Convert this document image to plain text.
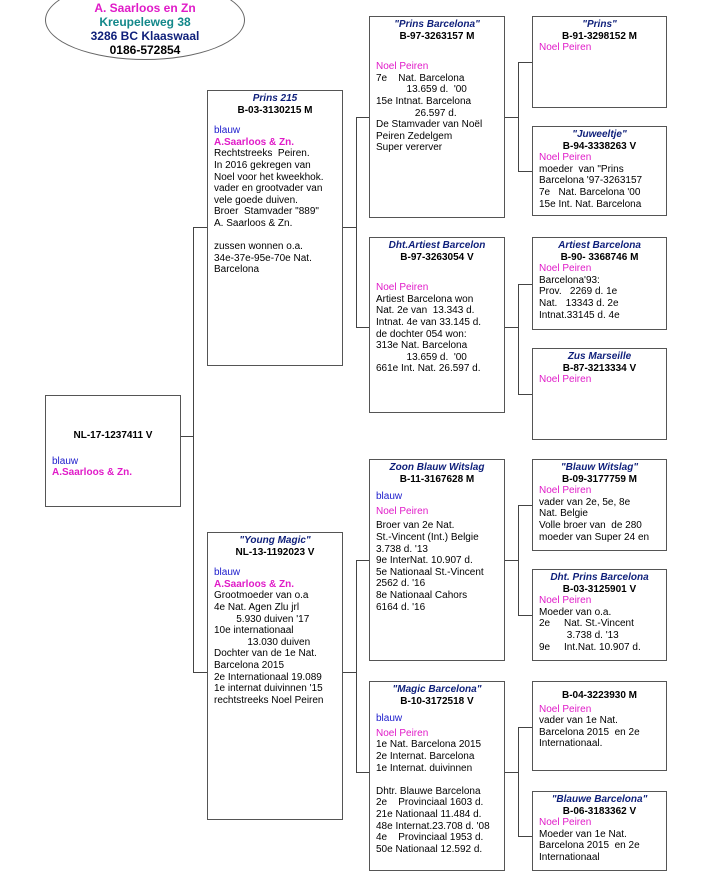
A. Saarloos en Zn
Kreupeleweg 38
3286 BC Klaaswaal
0186-572854
NL-17-1237411 V
blauw
A.Saarloos & Zn.
Prins 215
B-03-3130215 M
blauw
A.Saarloos & Zn.
Rechtstreeks  Peiren.
In 2016 gekregen van
Noel voor het kweekhok.
vader en grootvader van
vele goede duiven.
Broer  Stamvader "889"
A. Saarloos & Zn.

zussen wonnen o.a.
34e-37e-95e-70e Nat.
Barcelona
"Young Magic"
NL-13-1192023 V
blauw
A.Saarloos & Zn.
Grootmoeder van o.a
4e Nat. Agen Zlu jrl
5.930 duiven '17
10e internationaal
13.030 duiven
Dochter van de 1e Nat.
Barcelona 2015
2e Internationaal 19.089
1e internat duivinnen '15
rechtstreeks Noel Peiren
"Prins Barcelona"
B-97-3263157 M
Noel Peiren
7e    Nat. Barcelona
13.659 d.  '00
15e Intnat. Barcelona
26.597 d.
De Stamvader van Noël
Peiren Zedelgem
Super vererver
Dht.Artiest Barcelon
B-97-3263054 V
Noel Peiren
Artiest Barcelona won
Nat. 2e van  13.343 d.
Intnat. 4e van 33.145 d.
de dochter 054 won:
313e Nat. Barcelona
13.659 d.  '00
661e Int. Nat. 26.597 d.
Zoon Blauw Witslag
B-11-3167628 M
blauw
Noel Peiren
Broer van 2e Nat.
St.-Vincent (Int.) Belgie
3.738 d. '13
9e InterNat. 10.907 d.
5e Nationaal St.-Vincent
2562 d. '16
8e Nationaal Cahors
6164 d. '16
"Magic Barcelona"
B-10-3172518 V
blauw
Noel Peiren
1e Nat. Barcelona 2015
2e Internat. Barcelona
1e Internat. duivinnen

Dhtr. Blauwe Barcelona
2e    Provinciaal 1603 d.
21e Nationaal 11.484 d.
48e Internat.23.708 d. '08
4e    Provinciaal 1953 d.
50e Nationaal 12.592 d.
"Prins"
B-91-3298152 M
Noel Peiren
"Juweeltje"
B-94-3338263 V
Noel Peiren
moeder  van "Prins
Barcelona '97-3263157
7e   Nat. Barcelona '00
15e Int. Nat. Barcelona
Artiest Barcelona
B-90- 3368746 M
Noel Peiren
Barcelona'93:
Prov.   2269 d. 1e
Nat.   13343 d. 2e
Intnat.33145 d. 4e
Zus Marseille
B-87-3213334 V
Noel Peiren
"Blauw Witslag"
B-09-3177759 M
Noel Peiren
vader van 2e, 5e, 8e
Nat. Belgie
Volle broer van  de 280
moeder van Super 24 en
Dht. Prins Barcelona
B-03-3125901 V
Noel Peiren
Moeder van o.a.
2e     Nat. St.-Vincent
3.738 d. '13
9e     Int.Nat. 10.907 d.
B-04-3223930 M
Noel Peiren
vader van 1e Nat.
Barcelona 2015  en 2e
Internationaal.
"Blauwe Barcelona"
B-06-3183362 V
Noel Peiren
Moeder van 1e Nat.
Barcelona 2015  en 2e
Internationaal
